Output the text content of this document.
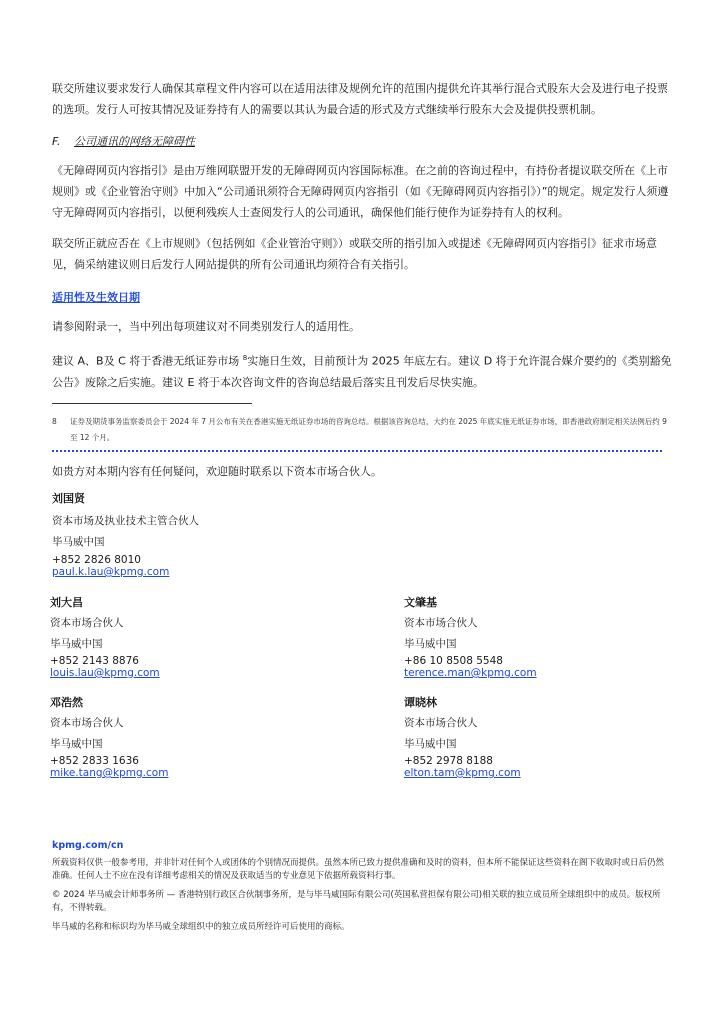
联交所建议要求发行人确保其章程文件内容可以在适用法律及规例允许的范围内提供允许其举行混合式股东大会及进行电子投票的选项。发行人可按其情况及证券持有人的需要以其认为最合适的形式及方式继续举行股东大会及提供投票机制。

F. 公司通讯的网络无障碍性

《无障碍网页内容指引》是由万维网联盟开发的无障碍网页内容国际标准。在之前的咨询过程中，有持份者提议联交所在《上市规则》或《企业管治守则》中加入“公司通讯须符合无障碍网页内容指引（如《无障碍网页内容指引》）”的规定。规定发行人须遵守无障碍网页内容指引，以便利残疾人士查阅发行人的公司通讯，确保他们能行使作为证券持有人的权利。

联交所正就应否在《上市规则》（包括例如《企业管治守则》）或联交所的指引加入或提述《无障碍网页内容指引》征求市场意见，倘采纳建议则日后发行人网站提供的所有公司通讯均须符合有关指引。

适用性及生效日期

请参阅附录一，当中列出每项建议对不同类别发行人的适用性。

建议 A、B及 C 将于香港无纸证券市场 $^8$实施日生效，目前预计为 2025 年底左右。建议 D 将于允许混合媒介要约的《类别豁免公告》废除之后实施。建议 E 将于本次咨询文件的咨询总结最后落实且刊发后尽快实施。

8 证券及期货事务监察委员会于 2024 年 7 月公布有关在香港实施无纸证券市场的咨询总结。根据该咨询总结，大约在 2025 年底实施无纸证券市场，即香港政府制定相关法例后约 9 至 12 个月。
如贵方对本期内容有任何疑问，欢迎随时联系以下资本市场合伙人。
刘国贤
资本市场及执业技术主管合伙人
毕马威中国
+852 2826 8010
paul.k.lau@kpmg.com
刘大昌
资本市场合伙人
毕马威中国
+852 2143 8876
louis.lau@kpmg.com
文肇基
资本市场合伙人
毕马威中国
+86 10 8508 5548
terence.man@kpmg.com
邓浩然
资本市场合伙人
毕马威中国
+852 2833 1636
mike.tang@kpmg.com
谭晓林
资本市场合伙人
毕马威中国
+852 2978 8188
elton.tam@kpmg.com
kpmg.com/cn

所载资料仅供一般参考用，并非针对任何个人或团体的个别情况而提供。虽然本所已致力提供准确和及时的资料，但本所不能保证这些资料在阁下收取时或日后仍然准确。任何人士不应在没有详细考虑相关的情况及获取适当的专业意见下依据所载资料行事。

© 2024 毕马威会计师事务所 — 香港特别行政区合伙制事务所，是与毕马威国际有限公司(英国私营担保有限公司)相关联的独立成员所全球组织中的成员。版权所有，不得转载。

毕马威的名称和标识均为毕马威全球组织中的独立成员所经许可后使用的商标。
